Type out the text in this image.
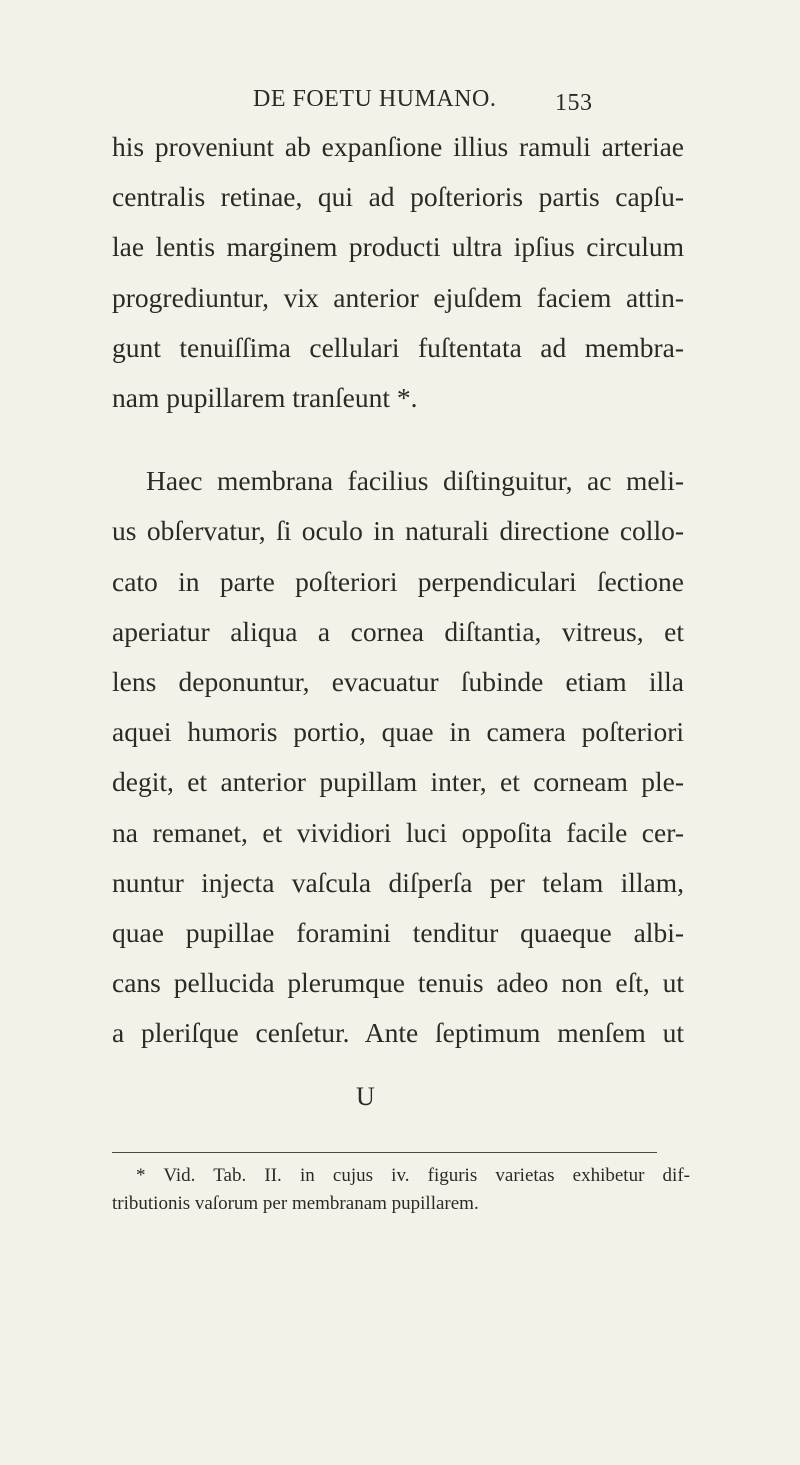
DE FOETU HUMANO. 153
his proveniunt ab expanſione illius ramuli arteriae
centralis retinae, qui ad poſterioris partis capſu-
lae lentis marginem producti ultra ipſius circulum
progrediuntur, vix anterior ejuſdem faciem attin-
gunt tenuiſſima cellulari fuſtentata ad membra-
nam pupillarem tranſeunt *.
Haec membrana facilius diſtinguitur, ac meli-
us obſervatur, ſi oculo in naturali directione collo-
cato in parte poſteriori perpendiculari ſectione
aperiatur aliqua a cornea diſtantia, vitreus, et
lens deponuntur, evacuatur ſubinde etiam illa
aquei humoris portio, quae in camera poſteriori
degit, et anterior pupillam inter, et corneam ple-
na remanet, et vividiori luci oppoſita facile cer-
nuntur injecta vaſcula diſperſa per telam illam,
quae pupillae foramini tenditur quaeque albi-
cans pellucida plerumque tenuis adeo non eſt, ut
a pleriſque cenſetur. Ante ſeptimum menſem ut
U
* Vid. Tab. II. in cujus iv. figuris varietas exhibetur dif-
tributionis vaſorum per membranam pupillarem.
